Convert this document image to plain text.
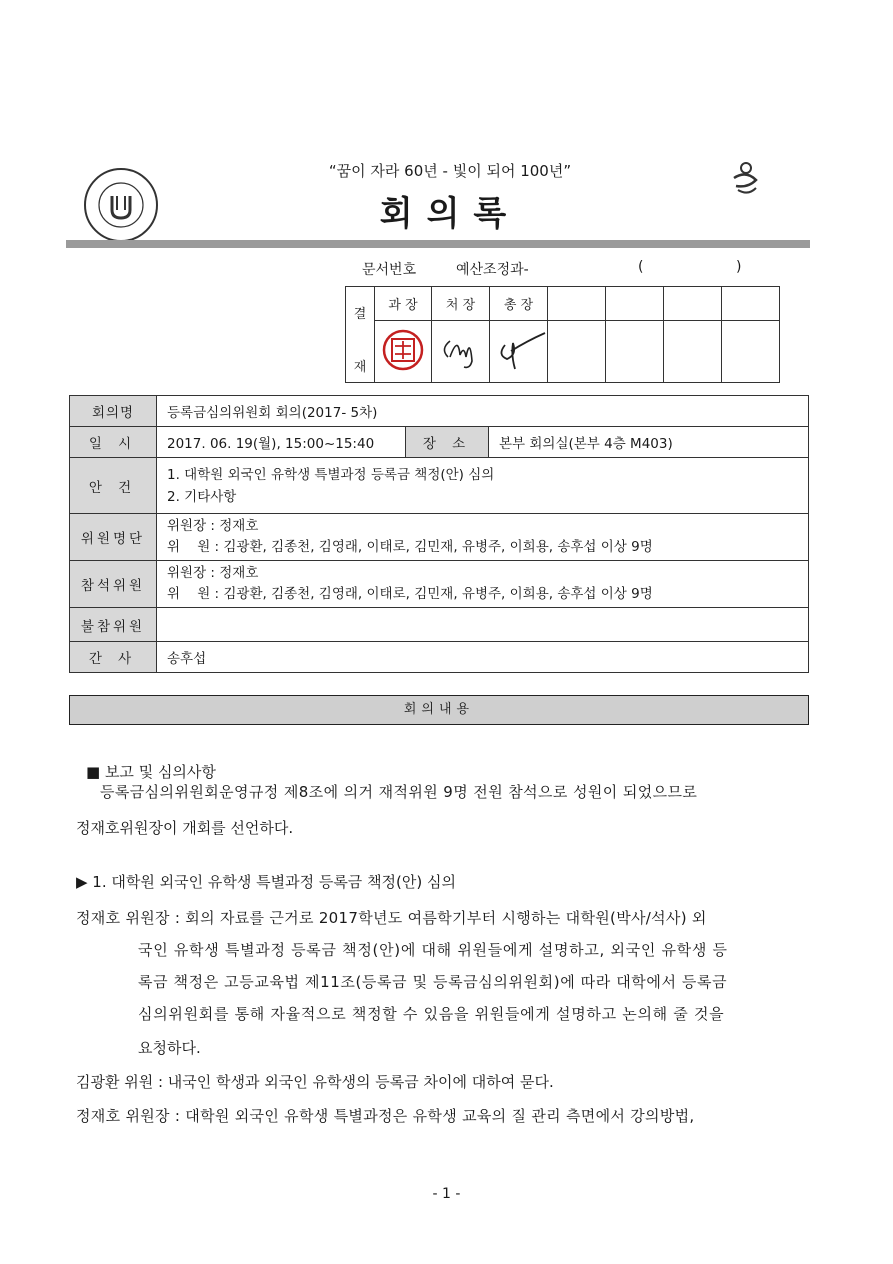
“꿈이 자라 60년 - 빛이 되어 100년”
회의록
문서번호	예산조정과-	(	)
결
재	과 장	처 장	총 장				

회의명	등록금심의위원회 회의(2017- 5차)		
일 시	2017. 06. 19(월), 15:00~15:40	장 소	본부 회의실(본부 4층 M403)
안 건	1. 대학원 외국인 유학생 특별과정 등록금 책정(안) 심의
2. 기타사항		

위원명단	위원장 : 정재호
위    원 : 김광환, 김종천, 김영래, 이태로, 김민재, 유병주, 이희용, 송후섭 이상 9명		

참석위원	위원장 : 정재호
위    원 : 김광환, 김종천, 김영래, 이태로, 김민재, 유병주, 이희용, 송후섭 이상 9명		

불참위원			
간 사	송후섭		
회의내용
■ 보고 및 심의사항
등록금심의위원회운영규정 제8조에 의거 재적위원 9명 전원 참석으로 성원이 되었으므로
정재호위원장이 개회를 선언하다.
▶ 1. 대학원 외국인 유학생 특별과정 등록금 책정(안) 심의
정재호 위원장 : 회의 자료를 근거로 2017학년도 여름학기부터 시행하는 대학원(박사/석사) 외
국인 유학생 특별과정 등록금 책정(안)에 대해 위원들에게 설명하고, 외국인 유학생 등
록금 책정은 고등교육법 제11조(등록금 및 등록금심의위원회)에 따라 대학에서 등록금
심의위원회를 통해 자율적으로 책정할 수 있음을 위원들에게 설명하고 논의해 줄 것을
요청하다.
김광환 위원 : 내국인 학생과 외국인 유학생의 등록금 차이에 대하여 묻다.
정재호 위원장 : 대학원 외국인 유학생 특별과정은 유학생 교육의 질 관리 측면에서 강의방법,
- 1 -
